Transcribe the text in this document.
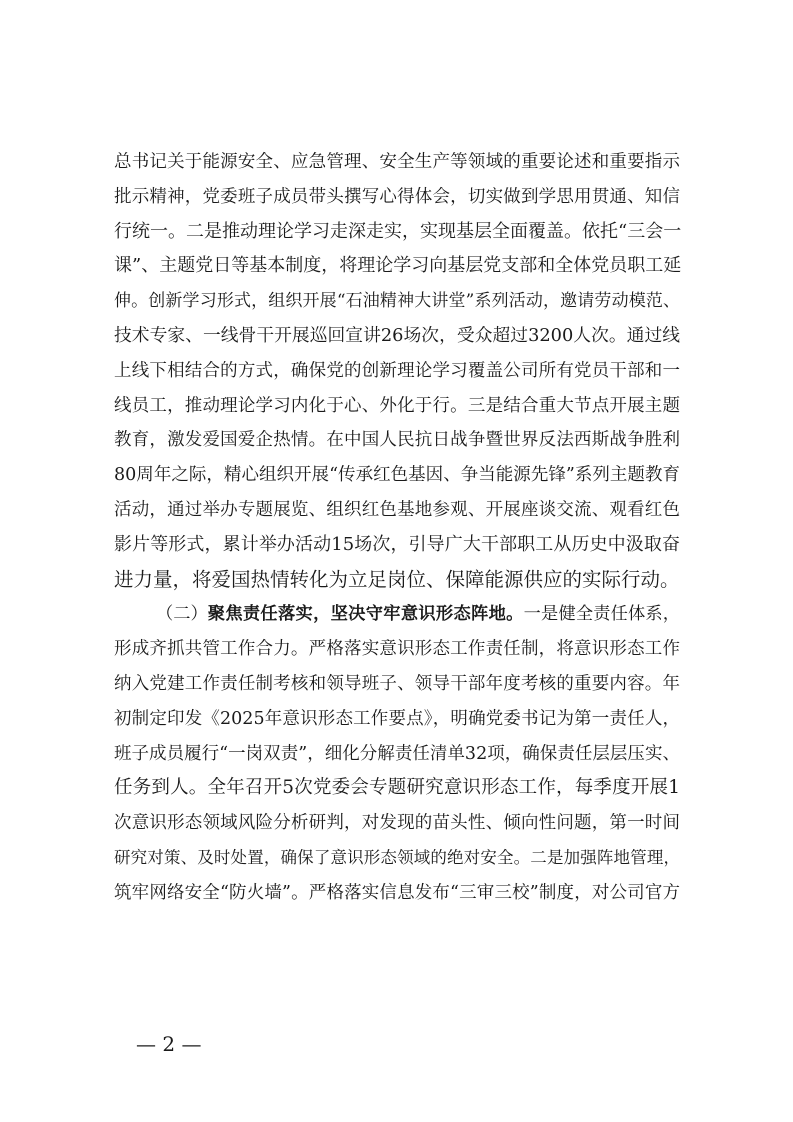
总书记关于能源安全、应急管理、安全生产等领域的重要论述和重要指示
批示精神，党委班子成员带头撰写心得体会，切实做到学思用贯通、知信
行统一。二是推动理论学习走深走实，实现基层全面覆盖。依托“三会一
课”、主题党日等基本制度，将理论学习向基层党支部和全体党员职工延
伸。创新学习形式，组织开展“石油精神大讲堂”系列活动，邀请劳动模范、
技术专家、一线骨干开展巡回宣讲26场次，受众超过3200人次。通过线
上线下相结合的方式，确保党的创新理论学习覆盖公司所有党员干部和一
线员工，推动理论学习内化于心、外化于行。三是结合重大节点开展主题
教育，激发爱国爱企热情。在中国人民抗日战争暨世界反法西斯战争胜利
80周年之际，精心组织开展“传承红色基因、争当能源先锋”系列主题教育
活动，通过举办专题展览、组织红色基地参观、开展座谈交流、观看红色
影片等形式，累计举办活动15场次，引导广大干部职工从历史中汲取奋
进力量，将爱国热情转化为立足岗位、保障能源供应的实际行动。
（二） 聚焦责任落实，坚决守牢意识形态阵地。 一是健全责任体系，
形成齐抓共管工作合力。严格落实意识形态工作责任制，将意识形态工作
纳入党建工作责任制考核和领导班子、领导干部年度考核的重要内容。年
初制定印发《2025年意识形态工作要点》，明确党委书记为第一责任人，
班子成员履行“一岗双责”，细化分解责任清单32项，确保责任层层压实、
任务到人。全年召开5次党委会专题研究意识形态工作，每季度开展1
次意识形态领域风险分析研判，对发现的苗头性、倾向性问题，第一时间
研究对策、及时处置，确保了意识形态领域的绝对安全。二是加强阵地管理，
筑牢网络安全“防火墙”。严格落实信息发布“三审三校”制度，对公司官方
— 2 —
